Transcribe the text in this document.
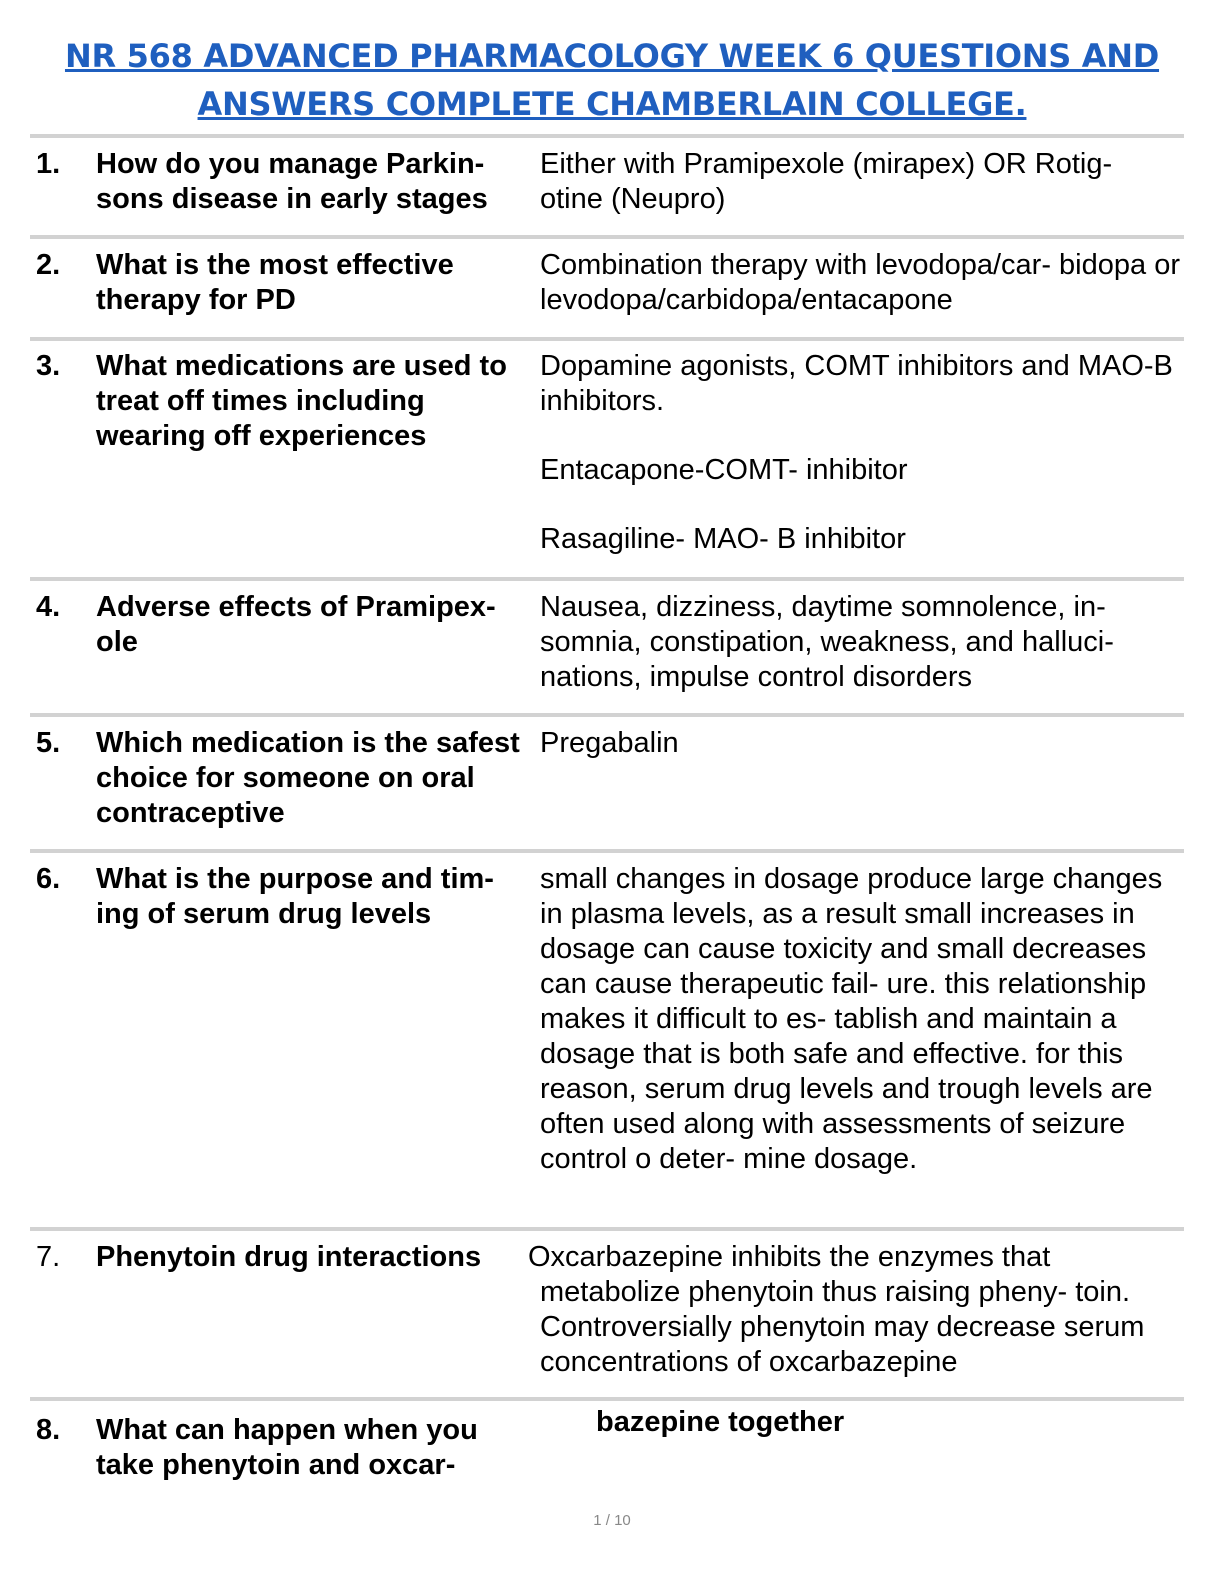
NR 568 ADVANCED PHARMACOLOGY WEEK 6 QUESTIONS AND
ANSWERS COMPLETE CHAMBERLAIN COLLEGE.
1. How do you manage Parkin- sons disease in early stages
Either with Pramipexole (mirapex) OR Rotig- otine (Neupro)
2. What is the most effective therapy for PD
Combination therapy with levodopa/car- bidopa or levodopa/carbidopa/entacapone
3. What medications are used to treat off times including wearing off experiences

Dopamine agonists, COMT inhibitors and MAO-B inhibitors.

Entacapone-COMT- inhibitor

Rasagiline- MAO- B inhibitor

4. Adverse effects of Pramipex- ole
Nausea, dizziness, daytime somnolence, in- somnia, constipation, weakness, and halluci- nations, impulse control disorders
5. Which medication is the safest choice for someone on oral contraceptive
Pregabalin
6. What is the purpose and tim- ing of serum drug levels
small changes in dosage produce large changes in plasma levels, as a result small increases in dosage can cause toxicity and small decreases can cause therapeutic fail- ure. this relationship makes it difficult to es- tablish and maintain a dosage that is both safe and effective. for this reason, serum drug levels and trough levels are often used along with assessments of seizure control o deter- mine dosage.
7. Phenytoin drug interactions	Oxcarbazepine inhibits the enzymes that
metabolize phenytoin thus raising pheny- toin. Controversially phenytoin may decrease serum concentrations of oxcarbazepine
8. What can happen when you take phenytoin and oxcar-
bazepine together
1 / 10
